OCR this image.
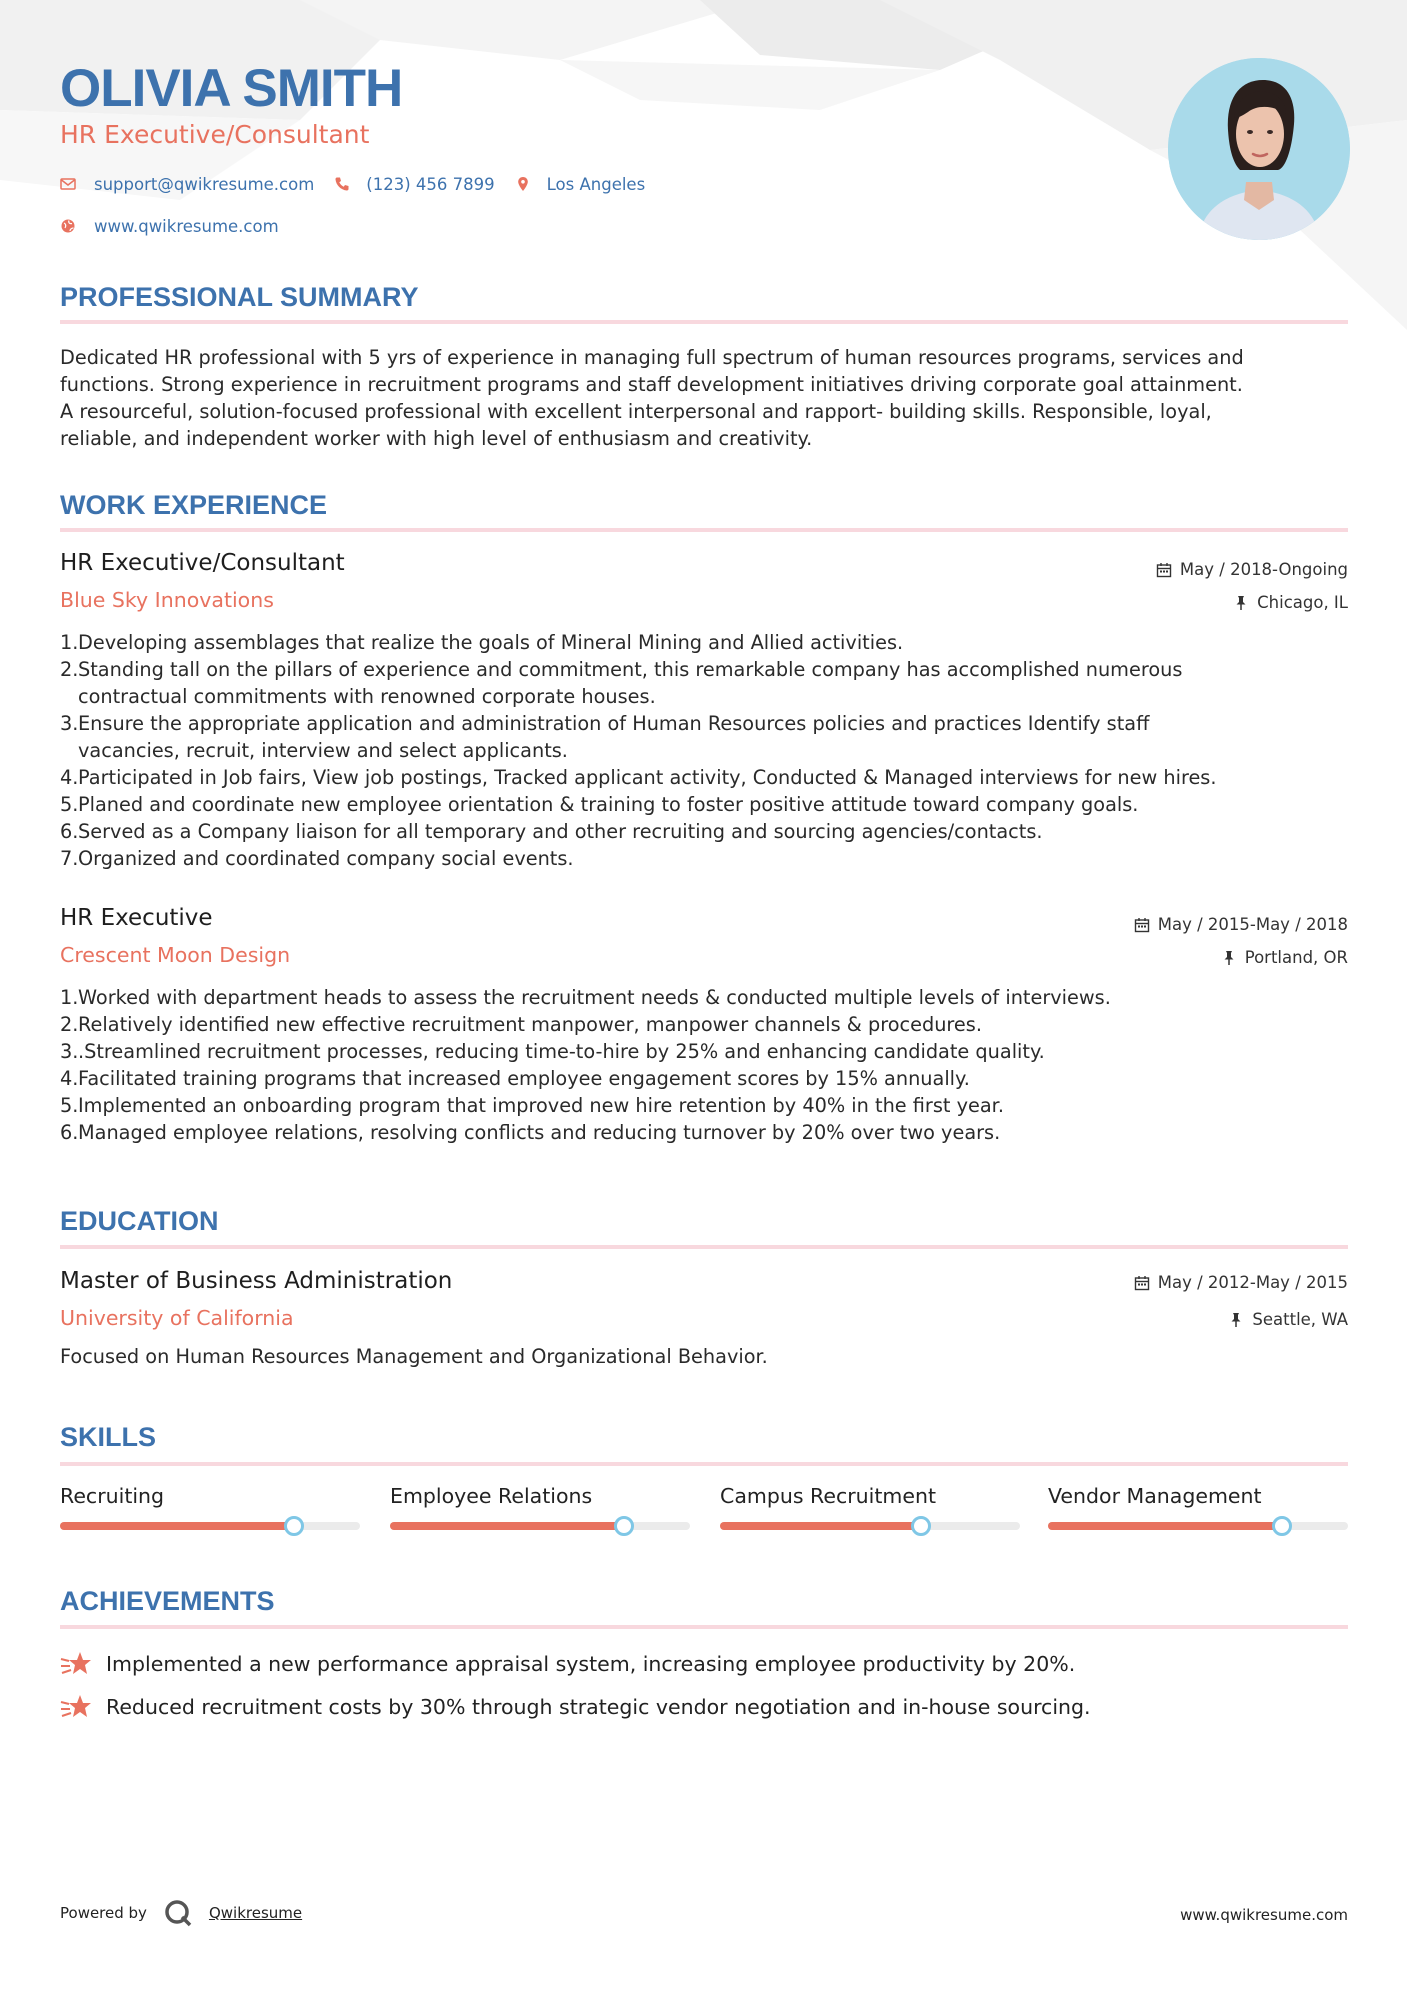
OLIVIA SMITH
HR Executive/Consultant
support@qwikresume.com	(123) 456 7899	Los Angeles
www.qwikresume.com
PROFESSIONAL SUMMARY
Dedicated HR professional with 5 yrs of experience in managing full spectrum of human resources programs, services and
functions. Strong experience in recruitment programs and staff development initiatives driving corporate goal attainment.
A resourceful, solution-focused professional with excellent interpersonal and rapport- building skills. Responsible, loyal,
reliable, and independent worker with high level of enthusiasm and creativity.
WORK EXPERIENCE
HR Executive/Consultant	May / 2018-Ongoing
Blue Sky Innovations	Chicago, IL
1. Developing assemblages that realize the goals of Mineral Mining and Allied activities.
2. Standing tall on the pillars of experience and commitment, this remarkable company has accomplished numerous
contractual commitments with renowned corporate houses.
3. Ensure the appropriate application and administration of Human Resources policies and practices Identify staff
vacancies, recruit, interview and select applicants.
4. Participated in Job fairs, View job postings, Tracked applicant activity, Conducted & Managed interviews for new hires.
5. Planed and coordinate new employee orientation & training to foster positive attitude toward company goals.
6. Served as a Company liaison for all temporary and other recruiting and sourcing agencies/contacts.
7. Organized and coordinated company social events.
HR Executive	May / 2015-May / 2018
Crescent Moon Design	Portland, OR
1. Worked with department heads to assess the recruitment needs & conducted multiple levels of interviews.
2. Relatively identified new effective recruitment manpower, manpower channels & procedures.
3. .Streamlined recruitment processes, reducing time-to-hire by 25% and enhancing candidate quality.
4. Facilitated training programs that increased employee engagement scores by 15% annually.
5. Implemented an onboarding program that improved new hire retention by 40% in the first year.
6. Managed employee relations, resolving conflicts and reducing turnover by 20% over two years.
EDUCATION
Master of Business Administration	May / 2012-May / 2015
University of California	Seattle, WA
Focused on Human Resources Management and Organizational Behavior.
SKILLS
Recruiting	Employee Relations	Campus Recruitment	Vendor Management
ACHIEVEMENTS
Implemented a new performance appraisal system, increasing employee productivity by 20%.
Reduced recruitment costs by 30% through strategic vendor negotiation and in-house sourcing.
Powered by	Qwikresume	www.qwikresume.com
